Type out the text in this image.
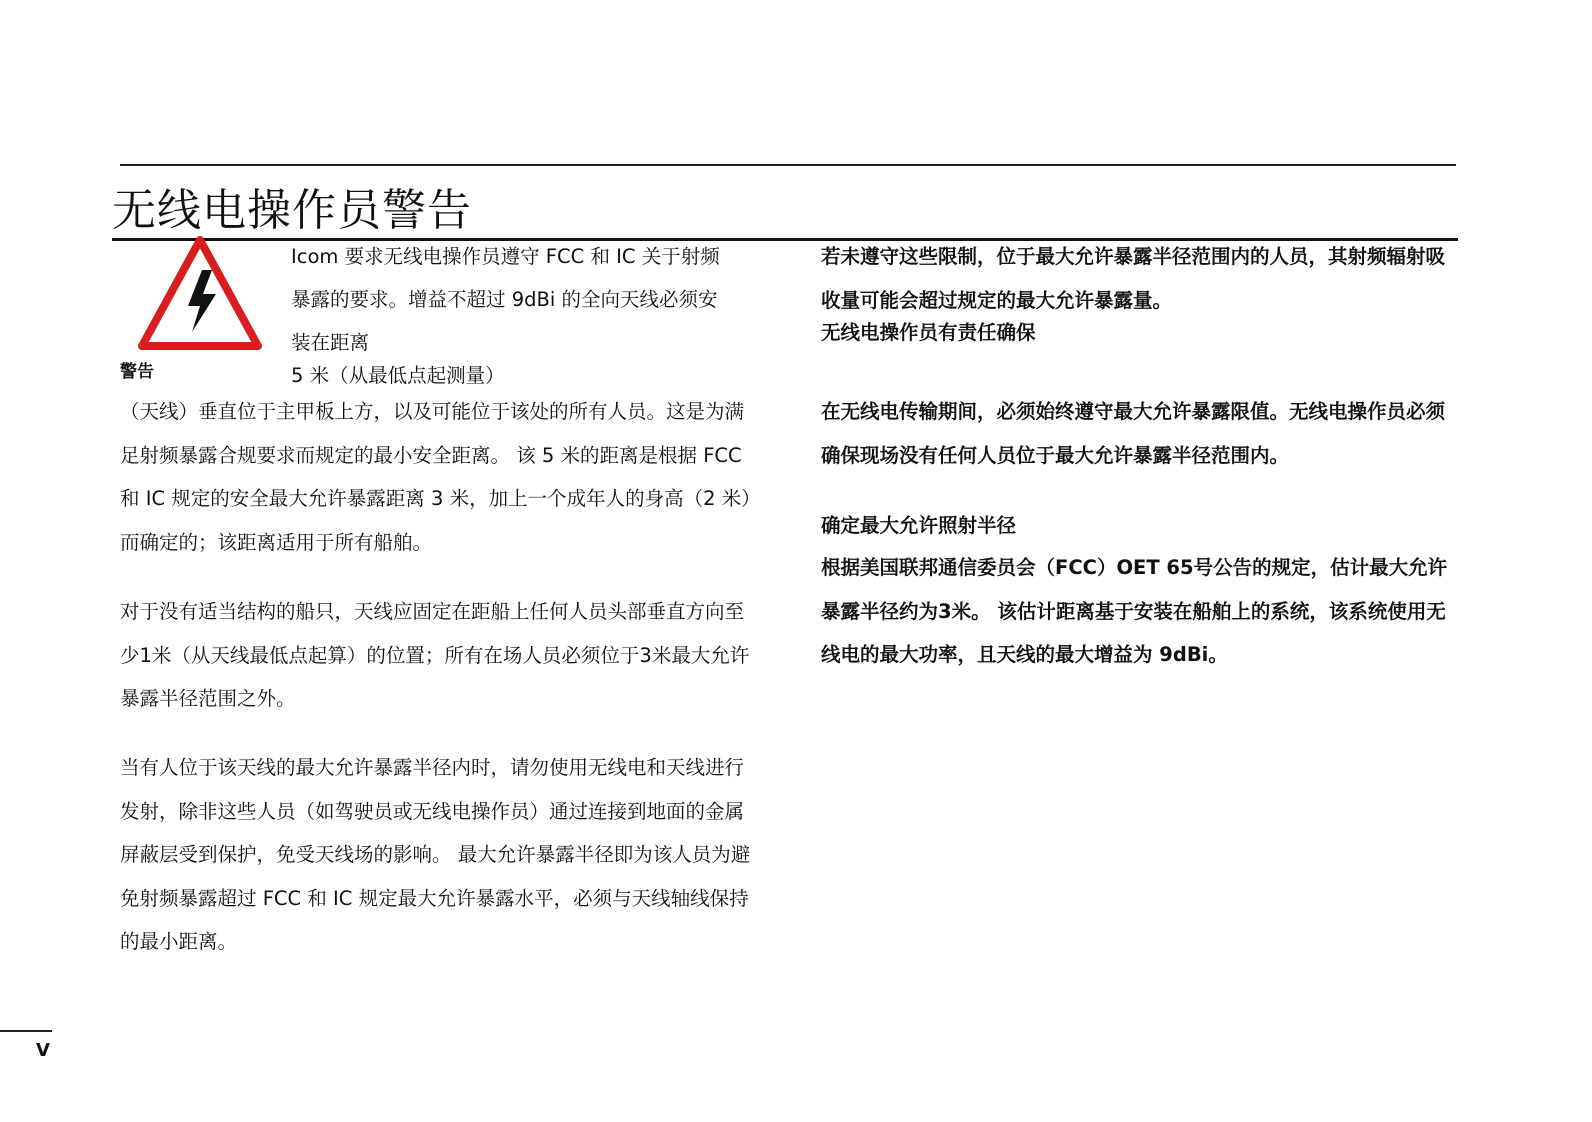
无线电操作员警告
警告

Icom 要求无线电操作员遵守 FCC 和 IC 关于射频

暴露的要求。增益不超过 9dBi 的全向天线必须安

装在距离

5 米（从最低点起测量）

（天线）垂直位于主甲板上方，以及可能位于该处的所有人员。这是为满足射频暴露合规要求而规定的最小安全距离。 该 5 米的距离是根据 FCC 和 IC 规定的安全最大允许暴露距离 3 米，加上一个成年人的身高（2 米）而确定的；该距离适用于所有船舶。

对于没有适当结构的船只，天线应固定在距船上任何人员头部垂直方向至少1米（从天线最低点起算）的位置；所有在场人员必须位于3米最大允许暴露半径范围之外。

当有人位于该天线的最大允许暴露半径内时，请勿使用无线电和天线进行发射，除非这些人员（如驾驶员或无线电操作员）通过连接到地面的金属屏蔽层受到保护，免受天线场的影响。 最大允许暴露半径即为该人员为避免射频暴露超过 FCC 和 IC 规定最大允许暴露水平，必须与天线轴线保持的最小距离。

若未遵守这些限制，位于最大允许暴露半径范围内的人员，其射频辐射吸收量可能会超过规定的最大允许暴露量。

无线电操作员有责任确保

在无线电传输期间，必须始终遵守最大允许暴露限值。无线电操作员必须确保现场没有任何人员位于最大允许暴露半径范围内。

确定最大允许照射半径

根据美国联邦通信委员会（FCC）OET 65号公告的规定，估计最大允许暴露半径约为3米。 该估计距离基于安装在船舶上的系统，该系统使用无线电的最大功率，且天线的最大增益为 9dBi。

V
